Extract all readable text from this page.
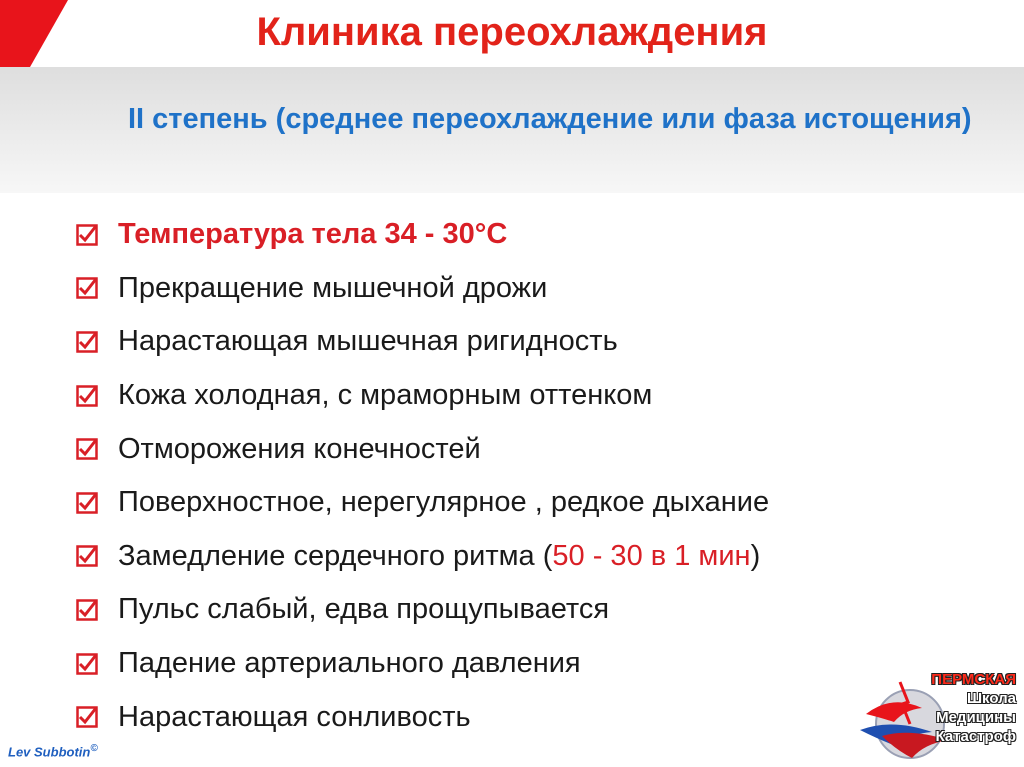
Клиника переохлаждения
II степень (среднее переохлаждение или фаза истощения)
Температура тела 34 - 30°С
Прекращение мышечной дрожи
Нарастающая мышечная ригидность
Кожа холодная, с мраморным оттенком
Отморожения конечностей
Поверхностное, нерегулярное , редкое дыхание
Замедление сердечного ритма (50 - 30 в 1 мин)
Пульс слабый, едва прощупывается
Падение артериального давления
Нарастающая сонливость
Lev Subbotin©
ПЕРМСКАЯ
Школа
Медицины
Катастроф
